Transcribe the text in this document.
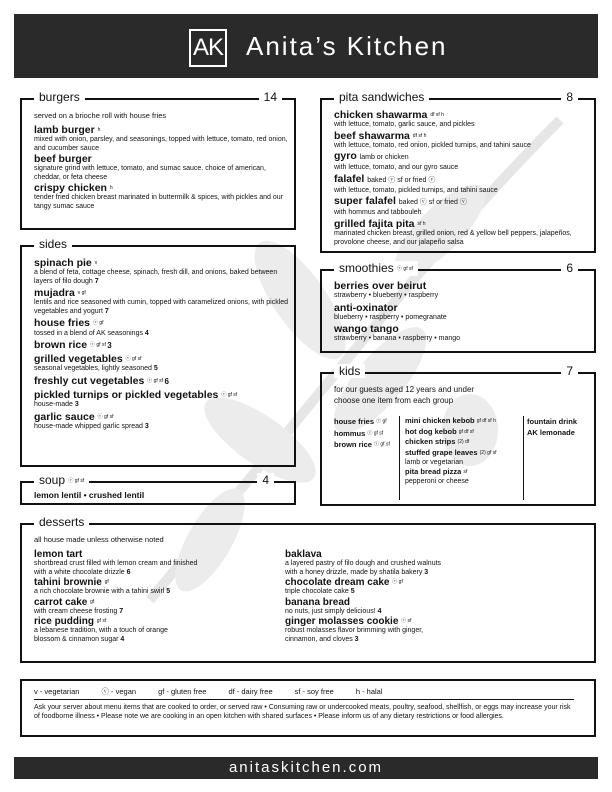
AK Anita’s Kitchen
burgers	14
served on a brioche roll with house fries
lamb burger h
mixed with onion, parsley, and seasonings, topped with lettuce, tomato, red onion, and cucumber sauce
beef burger
signature grind with lettuce, tomato, and sumac sauce. choice of american, cheddar, or feta cheese
crispy chicken h
tender fried chicken breast marinated in buttermilk & spices, with pickles and our tangy sumac sauce
sides
spinach pie v
a blend of feta, cottage cheese, spinach, fresh dill, and onions, baked between layers of filo dough 7
mujadra v gf
lentils and rice seasoned with cumin, topped with caramelized onions, with pickled vegetables and yogurt 7
house fries ⓥ gf
tossed in a blend of AK seasonings 4
brown rice ⓥ gf sf 3
grilled vegetables ⓥ gf sf
seasonal vegetables, lightly seasoned 5
freshly cut vegetables ⓥ gf sf 6
pickled turnips or pickled vegetables ⓥ gf sf
house-made 3
garlic sauce ⓥ gf sf
house-made whipped garlic spread 3
soup ⓥ gf sf	4
lemon lentil • crushed lentil
pita sandwiches	8
chicken shawarma df sf h
with lettuce, tomato, garlic sauce, and pickles
beef shawarma df sf h
with lettuce, tomato, red onion, pickled turnips, and tahini sauce
gyro lamb or chicken
with lettuce, tomato, and our gyro sauce
falafel baked ⓥ sf or fried ⓥ
with lettuce, tomato, pickled turnips, and tahini sauce
super falafel baked ⓥ sf or fried ⓥ
with hommus and tabbouleh
grilled fajita pita sf h
marinated chicken breast, grilled onion, red & yellow bell peppers, jalapeños, provolone cheese, and our jalapeño salsa
smoothies ⓥ gf sf	6
berries over beirut
strawberry • blueberry • raspberry
anti-oxinator
blueberry • raspberry • pomegranate
wango tango
strawberry • banana • raspberry • mango
kids	7
for our guests aged 12 years and under
choose one item from each group
house fries ⓥ gf
hommus ⓥ gf sf
brown rice ⓥ gf sf
mini chicken kebob gf df sf h
hot dog kebob gf df sf
chicken strips (2) df
stuffed grape leaves (2) gf sf
lamb or vegetarian
pita bread pizza sf
pepperoni or cheese
fountain drink
AK lemonade
desserts
all house made unless otherwise noted
lemon tart
shortbread crust filled with lemon cream and finished
with a white chocolate drizzle 6
tahini brownie gf
a rich chocolate brownie with a tahini swirl 5
carrot cake gf
with cream cheese frosting 7
rice pudding gf sf
a lebanese tradition, with a touch of orange
blossom & cinnamon sugar 4
baklava
a layered pastry of filo dough and crushed walnuts
with a honey drizzle, made by shatila bakery 3
chocolate dream cake ⓥ gf
triple chocolate cake 5
banana bread
no nuts, just simply delicious! 4
ginger molasses cookie ⓥ sf
robust molasses flavor brimming with ginger,
cinnamon, and cloves 3
v - vegetarian	ⓥ - vegan	gf - gluten free	df - dairy free	sf - soy free	h - halal
Ask your server about menu items that are cooked to order, or served raw • Consuming raw or undercooked meats, poultry, seafood, shellfish, or eggs may increase your risk of foodborne illness • Please note we are cooking in an open kitchen with shared surfaces • Please inform us of any dietary restrictions or food allergies.
anitaskitchen.com
